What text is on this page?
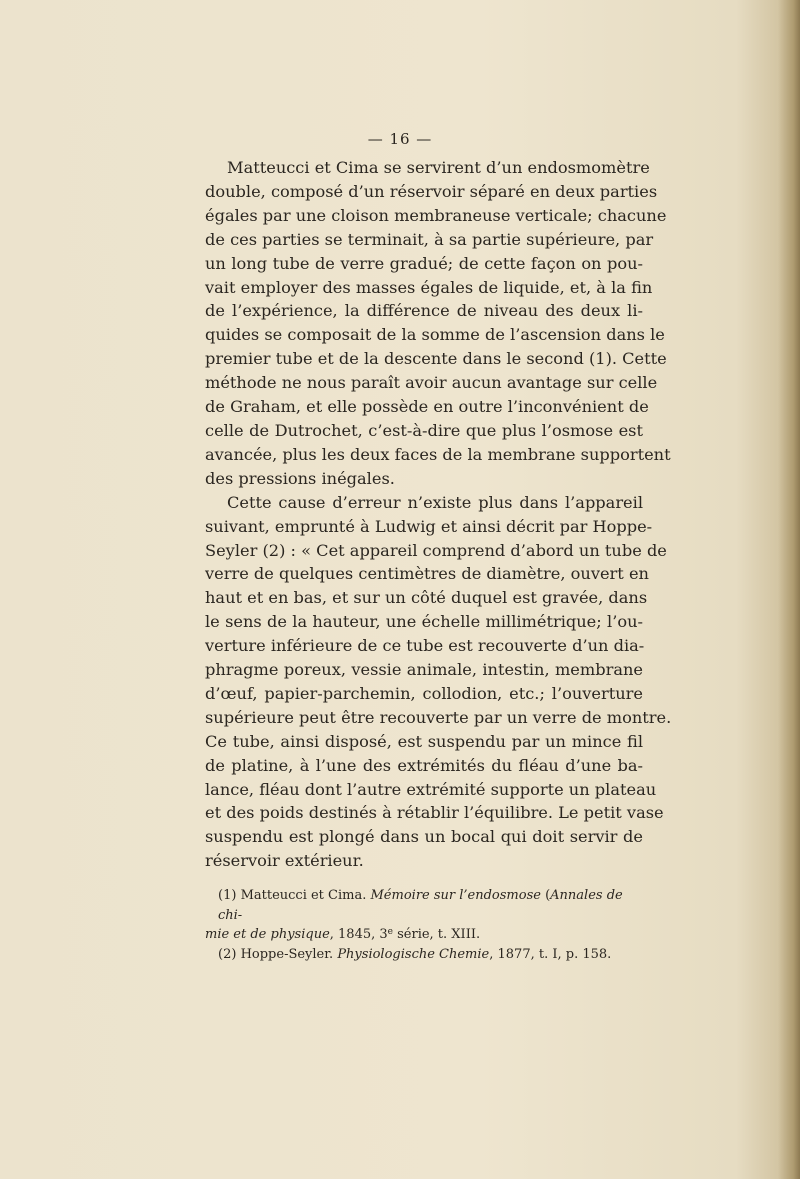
— 16 —
Matteucci et Cima se servirent d’un endosmomètre
double, composé d’un réservoir séparé en deux parties
égales par une cloison membraneuse verticale; chacune
de ces parties se terminait, à sa partie supérieure, par
un long tube de verre gradué; de cette façon on pou-
vait employer des masses égales de liquide, et, à la fin
de l’expérience, la différence de niveau des deux li-
quides se composait de la somme de l’ascension dans le
premier tube et de la descente dans le second (1). Cette
méthode ne nous paraît avoir aucun avantage sur celle
de Graham, et elle possède en outre l’inconvénient de
celle de Dutrochet, c’est-à-dire que plus l’osmose est
avancée, plus les deux faces de la membrane supportent
des pressions inégales.
Cette cause d’erreur n’existe plus dans l’appareil
suivant, emprunté à Ludwig et ainsi décrit par Hoppe-
Seyler (2) : « Cet appareil comprend d’abord un tube de
verre de quelques centimètres de diamètre, ouvert en
haut et en bas, et sur un côté duquel est gravée, dans
le sens de la hauteur, une échelle millimétrique; l’ou-
verture inférieure de ce tube est recouverte d’un dia-
phragme poreux, vessie animale, intestin, membrane
d’œuf, papier-parchemin, collodion, etc.; l’ouverture
supérieure peut être recouverte par un verre de montre.
Ce tube, ainsi disposé, est suspendu par un mince fil
de platine, à l’une des extrémités du fléau d’une ba-
lance, fléau dont l’autre extrémité supporte un plateau
et des poids destinés à rétablir l’équilibre. Le petit vase
suspendu est plongé dans un bocal qui doit servir de
réservoir extérieur.
(1) Matteucci et Cima. Mémoire sur l’endosmose (Annales de chi-
mie et de physique, 1845, 3e série, t. XIII.
(2) Hoppe-Seyler. Physiologische Chemie, 1877, t. I, p. 158.
